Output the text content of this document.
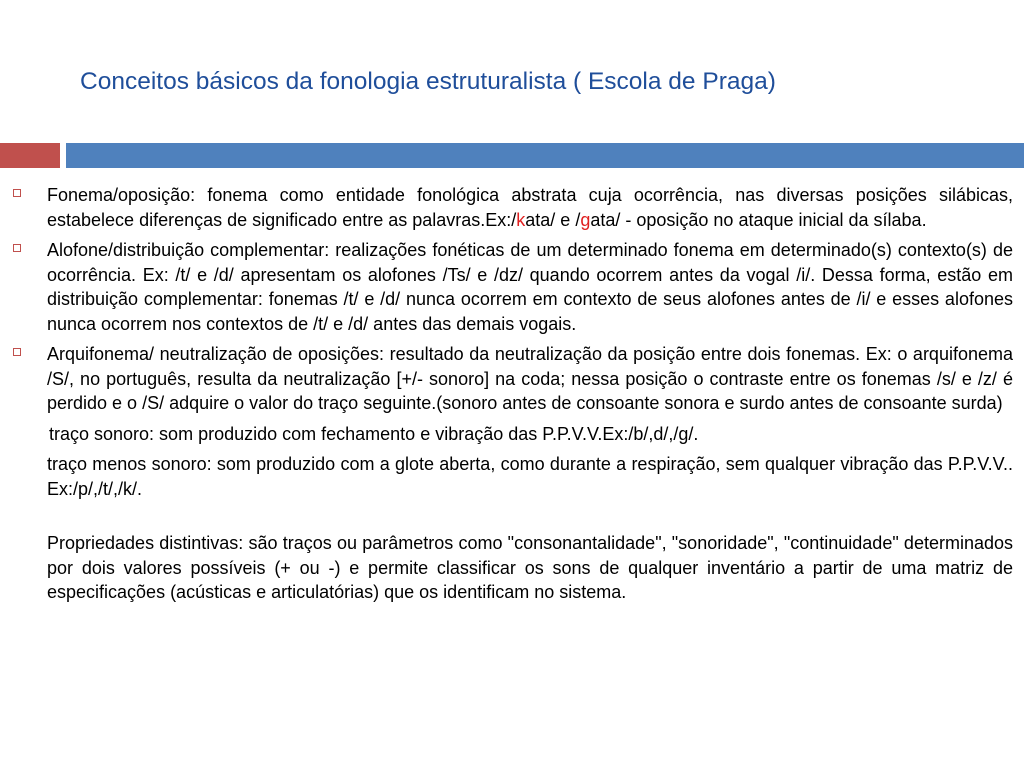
Conceitos básicos da fonologia estruturalista ( Escola de Praga)
Fonema/oposição: fonema como entidade fonológica abstrata cuja ocorrência, nas diversas posições silábicas, estabelece diferenças de significado entre as palavras.Ex:/kata/ e /gata/ - oposição no ataque inicial da sílaba.
Alofone/distribuição complementar: realizações fonéticas de um determinado fonema em determinado(s) contexto(s) de ocorrência. Ex: /t/ e /d/ apresentam os alofones /Ts/ e /dz/ quando ocorrem antes da vogal /i/. Dessa forma, estão em distribuição complementar: fonemas /t/ e /d/ nunca ocorrem em contexto de seus alofones antes de /i/ e esses alofones nunca ocorrem nos contextos de /t/ e /d/ antes das demais vogais.
Arquifonema/ neutralização de oposições: resultado da neutralização da posição entre dois fonemas. Ex: o arquifonema /S/, no português, resulta da neutralização [+/- sonoro] na coda; nessa posição o contraste entre os fonemas /s/ e /z/ é perdido e o /S/ adquire o valor do traço seguinte.(sonoro antes de consoante sonora e surdo antes de consoante surda)
traço sonoro: som produzido com fechamento e vibração das P.P.V.V.Ex:/b/,d/,/g/.
traço menos sonoro: som produzido com a glote aberta, como durante a respiração, sem qualquer vibração das P.P.V.V.. Ex:/p/,/t/,/k/.
Propriedades distintivas: são traços ou parâmetros como "consonantalidade", "sonoridade", "continuidade" determinados por dois valores possíveis (+ ou -) e permite classificar os sons de qualquer inventário a partir de uma matriz de especificações (acústicas e articulatórias) que os identificam no sistema.
